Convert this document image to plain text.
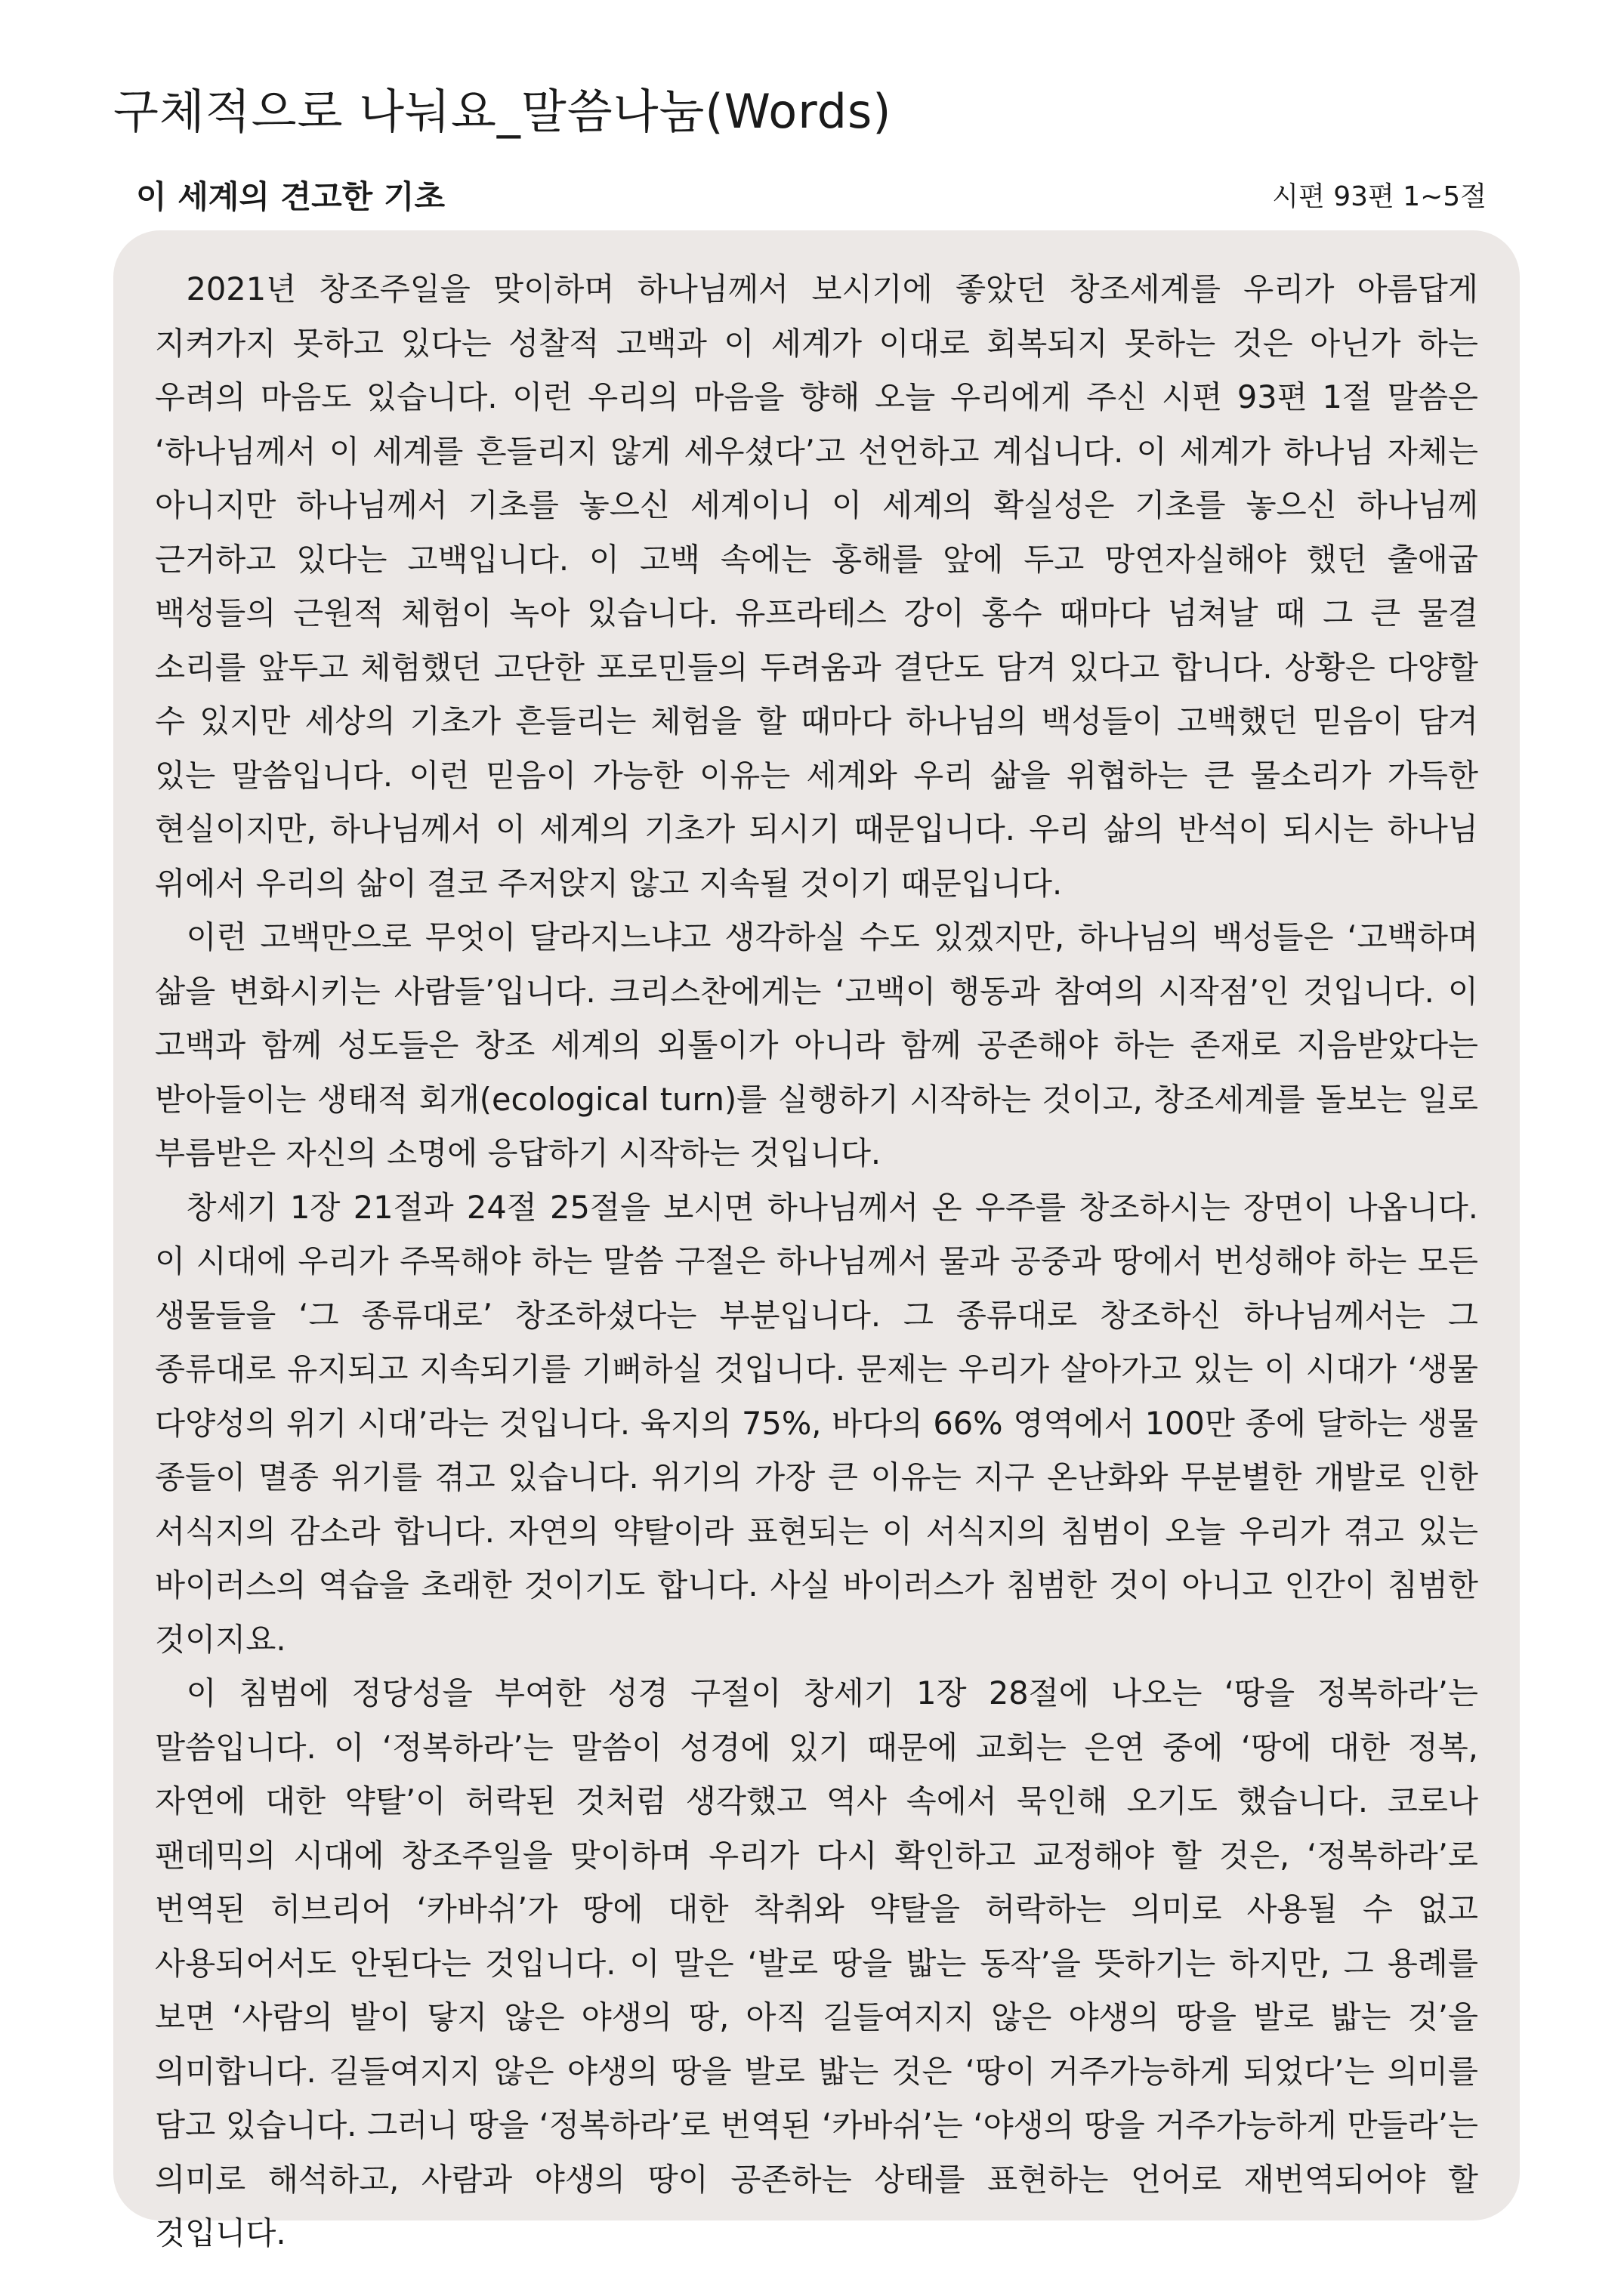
구체적으로 나눠요_말씀나눔(Words)
이 세계의 견고한 기초	시편 93편 1~5절

2021년 창조주일을 맞이하며 하나님께서 보시기에 좋았던 창조세계를 우리가 아름답게 지켜가지 못하고 있다는 성찰적 고백과 이 세계가 이대로 회복되지 못하는 것은 아닌가 하는 우려의 마음도 있습니다. 이런 우리의 마음을 향해 오늘 우리에게 주신 시편 93편 1절 말씀은 ‘하나님께서 이 세계를 흔들리지 않게 세우셨다’고 선언하고 계십니다. 이 세계가 하나님 자체는 아니지만 하나님께서 기초를 놓으신 세계이니 이 세계의 확실성은 기초를 놓으신 하나님께 근거하고 있다는 고백입니다. 이 고백 속에는 홍해를 앞에 두고 망연자실해야 했던 출애굽 백성들의 근원적 체험이 녹아 있습니다. 유프라테스 강이 홍수 때마다 넘쳐날 때 그 큰 물결 소리를 앞두고 체험했던 고단한 포로민들의 두려움과 결단도 담겨 있다고 합니다. 상황은 다양할 수 있지만 세상의 기초가 흔들리는 체험을 할 때마다 하나님의 백성들이 고백했던 믿음이 담겨 있는 말씀입니다. 이런 믿음이 가능한 이유는 세계와 우리 삶을 위협하는 큰 물소리가 가득한 현실이지만, 하나님께서 이 세계의 기초가 되시기 때문입니다. 우리 삶의 반석이 되시는 하나님 위에서 우리의 삶이 결코 주저앉지 않고 지속될 것이기 때문입니다.

이런 고백만으로 무엇이 달라지느냐고 생각하실 수도 있겠지만, 하나님의 백성들은 ‘고백하며 삶을 변화시키는 사람들’입니다. 크리스찬에게는 ‘고백이 행동과 참여의 시작점’인 것입니다. 이 고백과 함께 성도들은 창조 세계의 외톨이가 아니라 함께 공존해야 하는 존재로 지음받았다는 받아들이는 생태적 회개(ecological turn)를 실행하기 시작하는 것이고, 창조세계를 돌보는 일로 부름받은 자신의 소명에 응답하기 시작하는 것입니다.

창세기 1장 21절과 24절 25절을 보시면 하나님께서 온 우주를 창조하시는 장면이 나옵니다. 이 시대에 우리가 주목해야 하는 말씀 구절은 하나님께서 물과 공중과 땅에서 번성해야 하는 모든 생물들을 ‘그 종류대로’ 창조하셨다는 부분입니다. 그 종류대로 창조하신 하나님께서는 그 종류대로 유지되고 지속되기를 기뻐하실 것입니다. 문제는 우리가 살아가고 있는 이 시대가 ‘생물 다양성의 위기 시대’라는 것입니다. 육지의 75%, 바다의 66% 영역에서 100만 종에 달하는 생물 종들이 멸종 위기를 겪고 있습니다. 위기의 가장 큰 이유는 지구 온난화와 무분별한 개발로 인한 서식지의 감소라 합니다. 자연의 약탈이라 표현되는 이 서식지의 침범이 오늘 우리가 겪고 있는 바이러스의 역습을 초래한 것이기도 합니다. 사실 바이러스가 침범한 것이 아니고 인간이 침범한 것이지요.

이 침범에 정당성을 부여한 성경 구절이 창세기 1장 28절에 나오는 ‘땅을 정복하라’는 말씀입니다. 이 ‘정복하라’는 말씀이 성경에 있기 때문에 교회는 은연 중에 ‘땅에 대한 정복, 자연에 대한 약탈’이 허락된 것처럼 생각했고 역사 속에서 묵인해 오기도 했습니다. 코로나 팬데믹의 시대에 창조주일을 맞이하며 우리가 다시 확인하고 교정해야 할 것은, ‘정복하라’로 번역된 히브리어 ‘카바쉬’가 땅에 대한 착취와 약탈을 허락하는 의미로 사용될 수 없고 사용되어서도 안된다는 것입니다. 이 말은 ‘발로 땅을 밟는 동작’을 뜻하기는 하지만, 그 용례를 보면 ‘사람의 발이 닿지 않은 야생의 땅, 아직 길들여지지 않은 야생의 땅을 발로 밟는 것’을 의미합니다. 길들여지지 않은 야생의 땅을 발로 밟는 것은 ‘땅이 거주가능하게 되었다’는 의미를 담고 있습니다. 그러니 땅을 ‘정복하라’로 번역된 ‘카바쉬’는 ‘야생의 땅을 거주가능하게 만들라’는 의미로 해석하고, 사람과 야생의 땅이 공존하는 상태를 표현하는 언어로 재번역되어야 할 것입니다.
